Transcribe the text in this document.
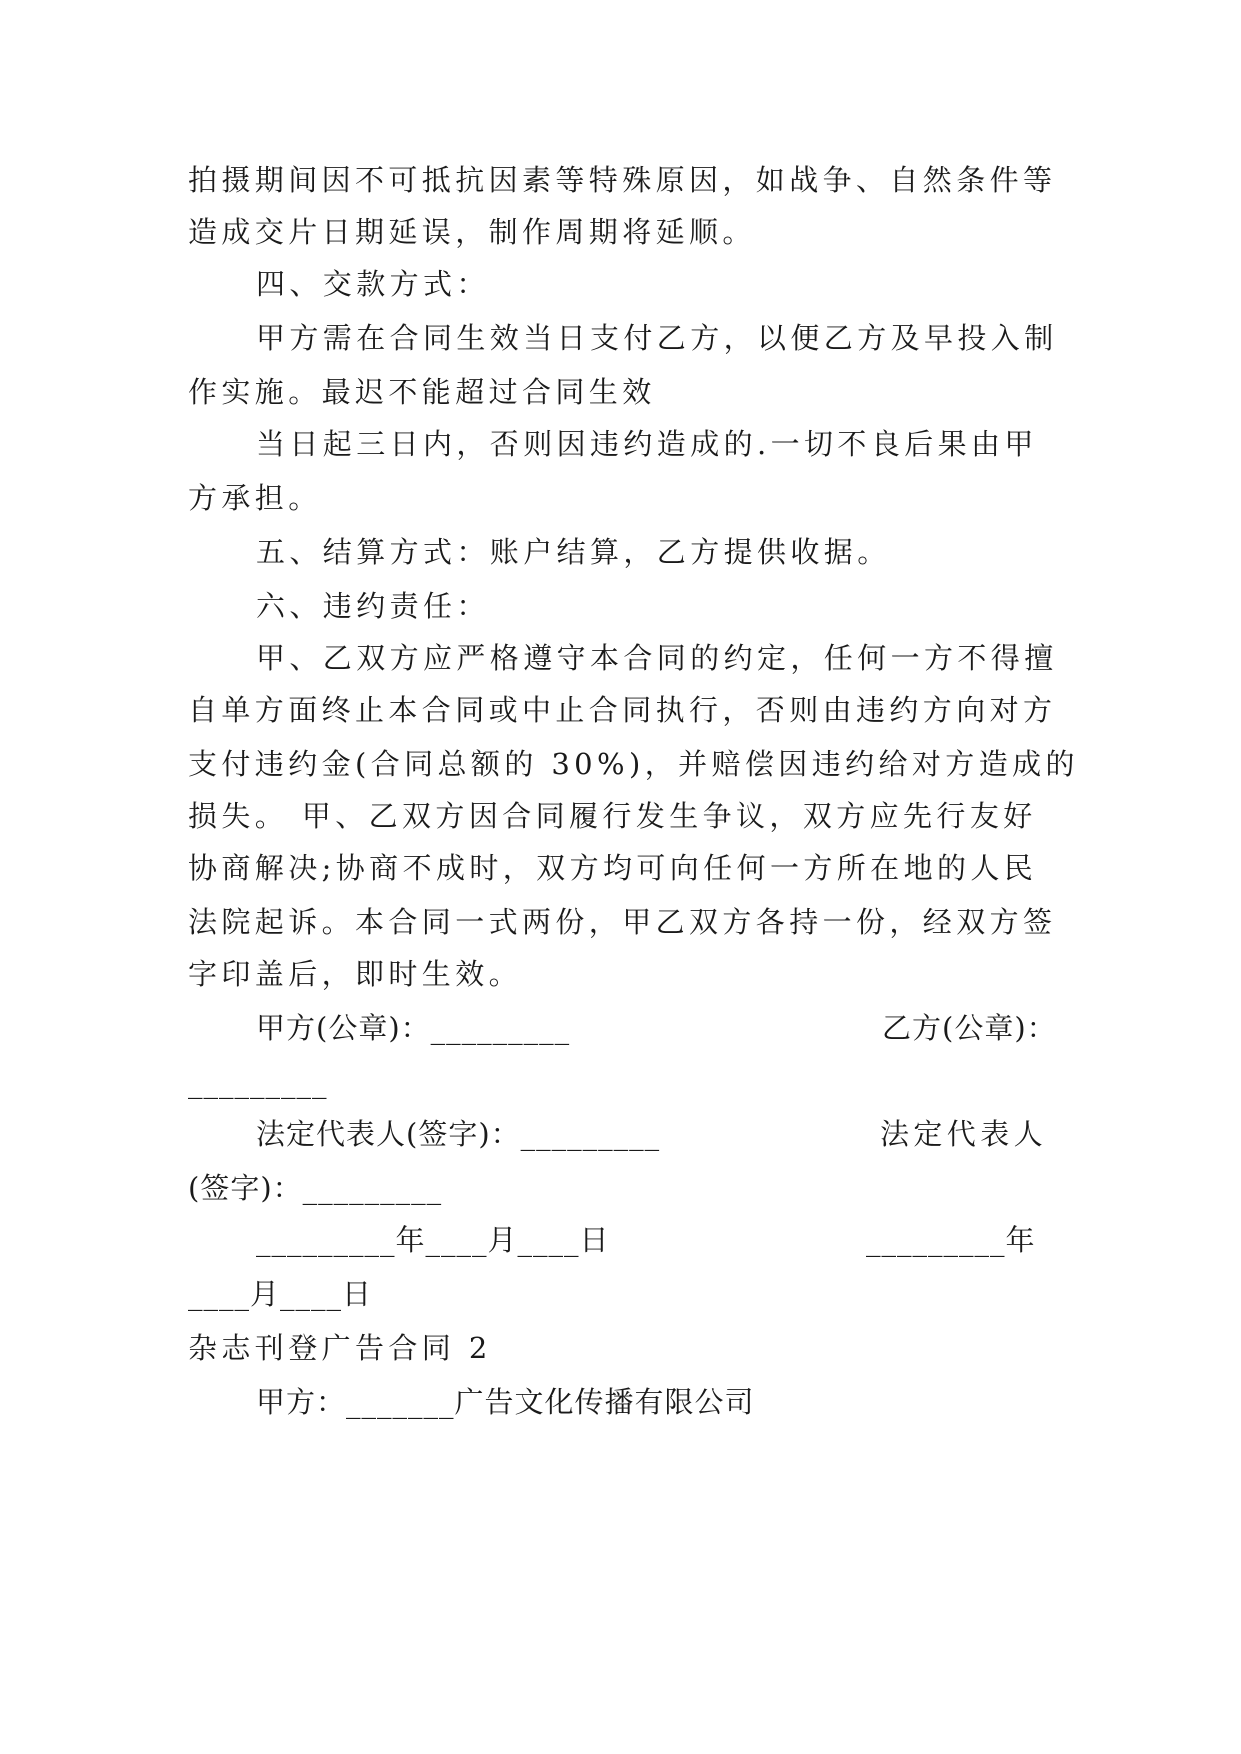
拍摄期间因不可抵抗因素等特殊原因，如战争、自然条件等

造成交片日期延误，制作周期将延顺。

四、交款方式：

甲方需在合同生效当日支付乙方，以便乙方及早投入制

作实施。最迟不能超过合同生效

当日起三日内，否则因违约造成的.一切不良后果由甲

方承担。

五、结算方式：账户结算，乙方提供收据。

六、违约责任：

甲、乙双方应严格遵守本合同的约定，任何一方不得擅

自单方面终止本合同或中止合同执行，否则由违约方向对方

支付违约金(合同总额的 30%)，并赔偿因违约给对方造成的

损失。 甲、乙双方因合同履行发生争议，双方应先行友好

协商解决;协商不成时，双方均可向任何一方所在地的人民

法院起诉。本合同一式两份，甲乙双方各持一份，经双方签

字印盖后，即时生效。

甲方(公章)：_________	乙方(公章)：

_________

法定代表人(签字)：_________	法定代表人

(签字)：_________

_________年____月____日	_________年

____月____日

杂志刊登广告合同 2

甲方：_______广告文化传播有限公司
